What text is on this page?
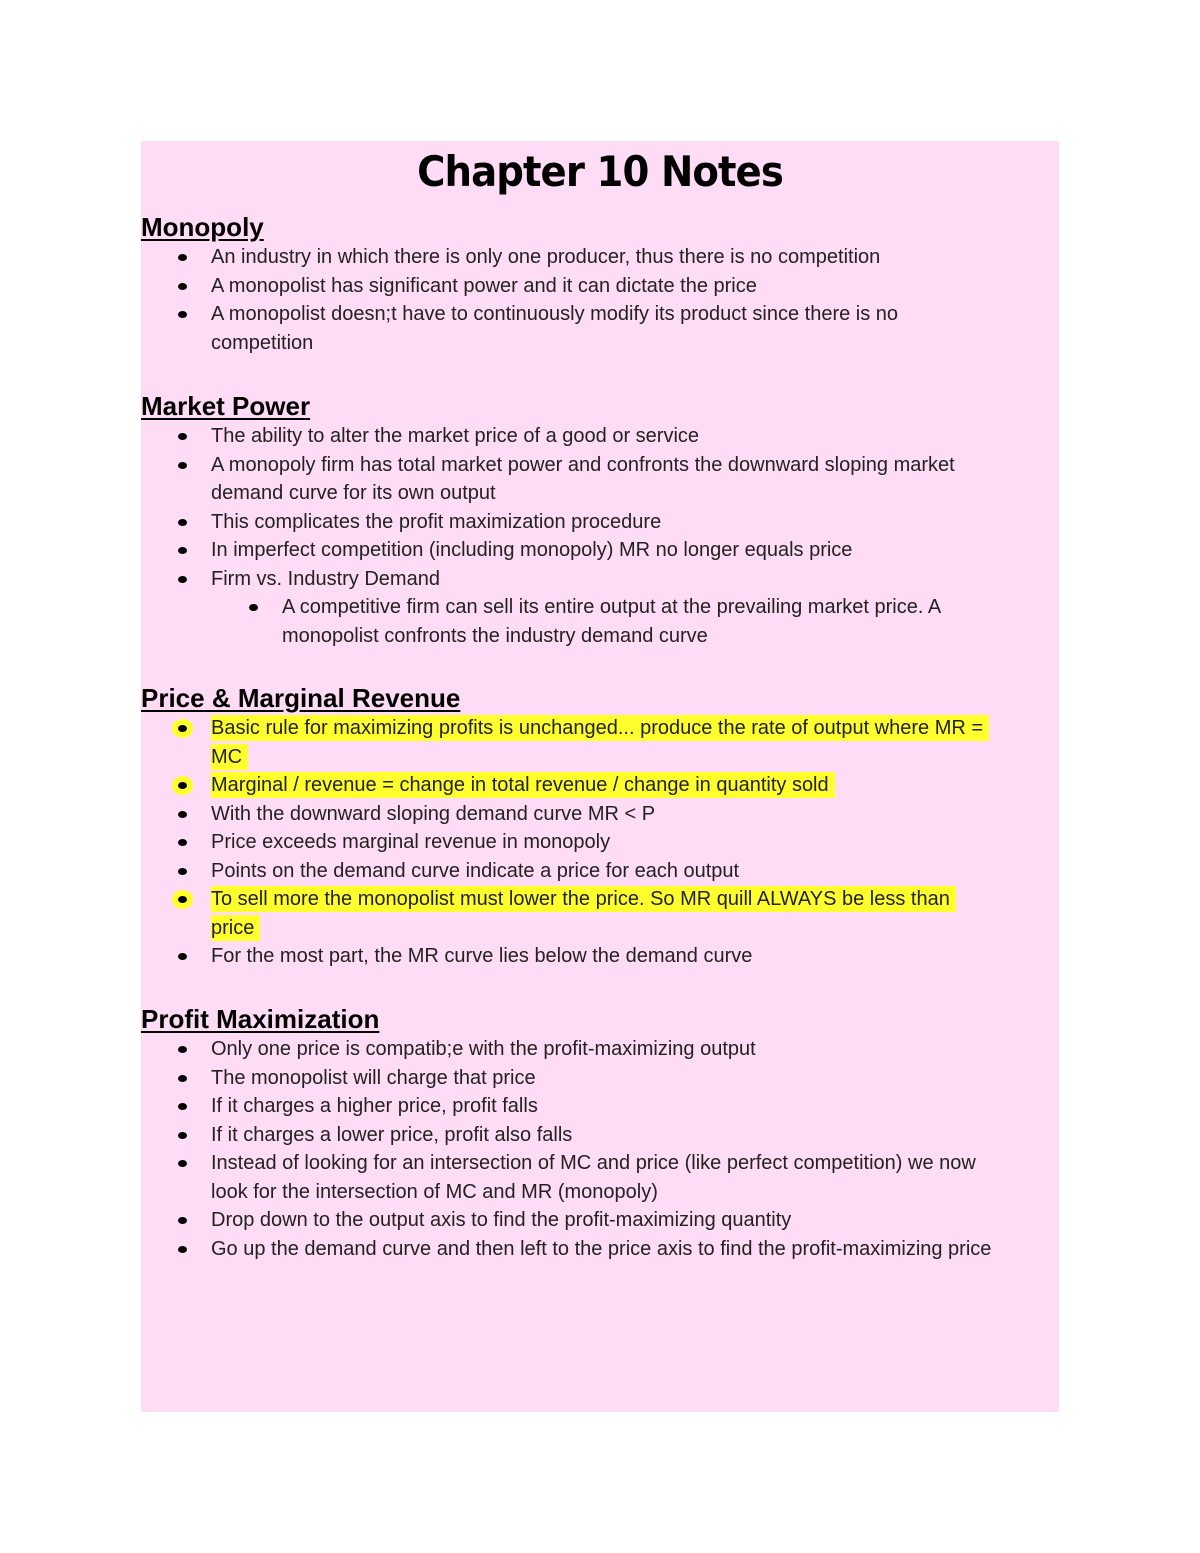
Chapter 10 Notes
Monopoly
An industry in which there is only one producer, thus there is no competition
A monopolist has significant power and it can dictate the price
A monopolist doesn;t have to continuously modify its product since there is no competition
Market Power
The ability to alter the market price of a good or service
A monopoly firm has total market power and confronts the downward sloping market demand curve for its own output
This complicates the profit maximization procedure
In imperfect competition (including monopoly) MR no longer equals price
Firm vs. Industry Demand
A competitive firm can sell its entire output at the prevailing market price. A monopolist confronts the industry demand curve
Price & Marginal Revenue
Basic rule for maximizing profits is unchanged... produce the rate of output where MR = MC
Marginal / revenue = change in total revenue / change in quantity sold
With the downward sloping demand curve MR < P
Price exceeds marginal revenue in monopoly
Points on the demand curve indicate a price for each output
To sell more the monopolist must lower the price. So MR quill ALWAYS be less than price
For the most part, the MR curve lies below the demand curve
Profit Maximization
Only one price is compatib;e with the profit-maximizing output
The monopolist will charge that price
If it charges a higher price, profit falls
If it charges a lower price, profit also falls
Instead of looking for an intersection of MC and price (like perfect competition) we now look for the intersection of MC and MR (monopoly)
Drop down to the output axis to find the profit-maximizing quantity
Go up the demand curve and then left to the price axis to find the profit-maximizing price
